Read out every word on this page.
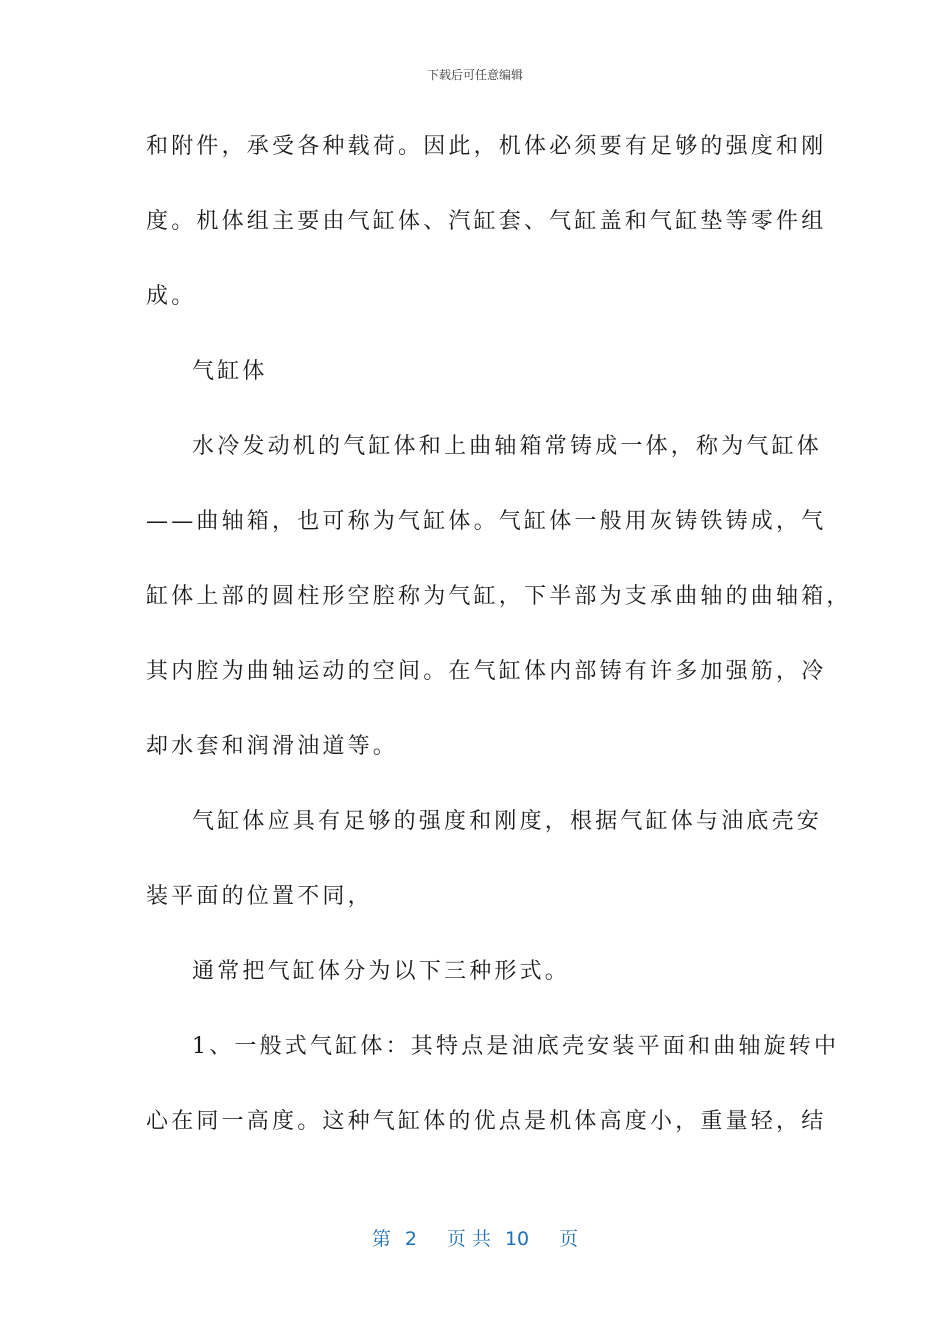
下载后可任意编辑
和附件，承受各种载荷。因此，机体必须要有足够的强度和刚
度。机体组主要由气缸体、汽缸套、气缸盖和气缸垫等零件组
成。
气缸体
水冷发动机的气缸体和上曲轴箱常铸成一体，称为气缸体
——曲轴箱，也可称为气缸体。气缸体一般用灰铸铁铸成，气
缸体上部的圆柱形空腔称为气缸，下半部为支承曲轴的曲轴箱，
其内腔为曲轴运动的空间。在气缸体内部铸有许多加强筋，冷
却水套和润滑油道等。
气缸体应具有足够的强度和刚度，根据气缸体与油底壳安
装平面的位置不同，
通常把气缸体分为以下三种形式。
1、一般式气缸体：其特点是油底壳安装平面和曲轴旋转中
心在同一高度。这种气缸体的优点是机体高度小，重量轻，结
第 2 页 共 10 页
